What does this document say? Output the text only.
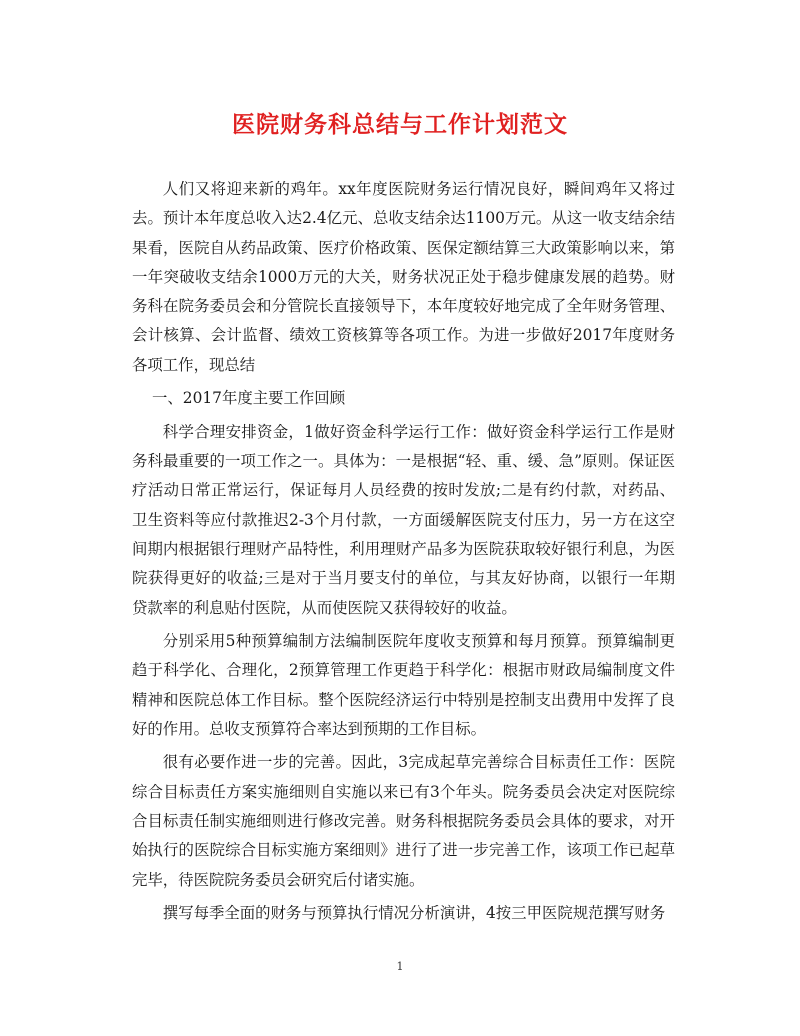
医院财务科总结与工作计划范文

人们又将迎来新的鸡年。xx年度医院财务运行情况良好，瞬间鸡年又将过去。预计本年度总收入达2.4亿元、总收支结余达1100万元。从这一收支结余结果看，医院自从药品政策、医疗价格政策、医保定额结算三大政策影响以来，第一年突破收支结余1000万元的大关，财务状况正处于稳步健康发展的趋势。财务科在院务委员会和分管院长直接领导下，本年度较好地完成了全年财务管理、会计核算、会计监督、绩效工资核算等各项工作。为进一步做好2017年度财务各项工作，现总结

一、2017年度主要工作回顾

科学合理安排资金，1做好资金科学运行工作：做好资金科学运行工作是财务科最重要的一项工作之一。具体为：一是根据“轻、重、缓、急”原则。保证医疗活动日常正常运行，保证每月人员经费的按时发放;二是有约付款，对药品、卫生资料等应付款推迟2-3个月付款，一方面缓解医院支付压力，另一方在这空间期内根据银行理财产品特性，利用理财产品多为医院获取较好银行利息，为医院获得更好的收益;三是对于当月要支付的单位，与其友好协商，以银行一年期贷款率的利息贴付医院，从而使医院又获得较好的收益。

分别采用5种预算编制方法编制医院年度收支预算和每月预算。预算编制更趋于科学化、合理化，2预算管理工作更趋于科学化：根据市财政局编制度文件精神和医院总体工作目标。整个医院经济运行中特别是控制支出费用中发挥了良好的作用。总收支预算符合率达到预期的工作目标。

很有必要作进一步的完善。因此，3完成起草完善综合目标责任工作：医院综合目标责任方案实施细则自实施以来已有3个年头。院务委员会决定对医院综合目标责任制实施细则进行修改完善。财务科根据院务委员会具体的要求，对开始执行的医院综合目标实施方案细则》进行了进一步完善工作，该项工作已起草完毕，待医院院务委员会研究后付诸实施。

撰写每季全面的财务与预算执行情况分析演讲，4按三甲医院规范撰写财务

1
